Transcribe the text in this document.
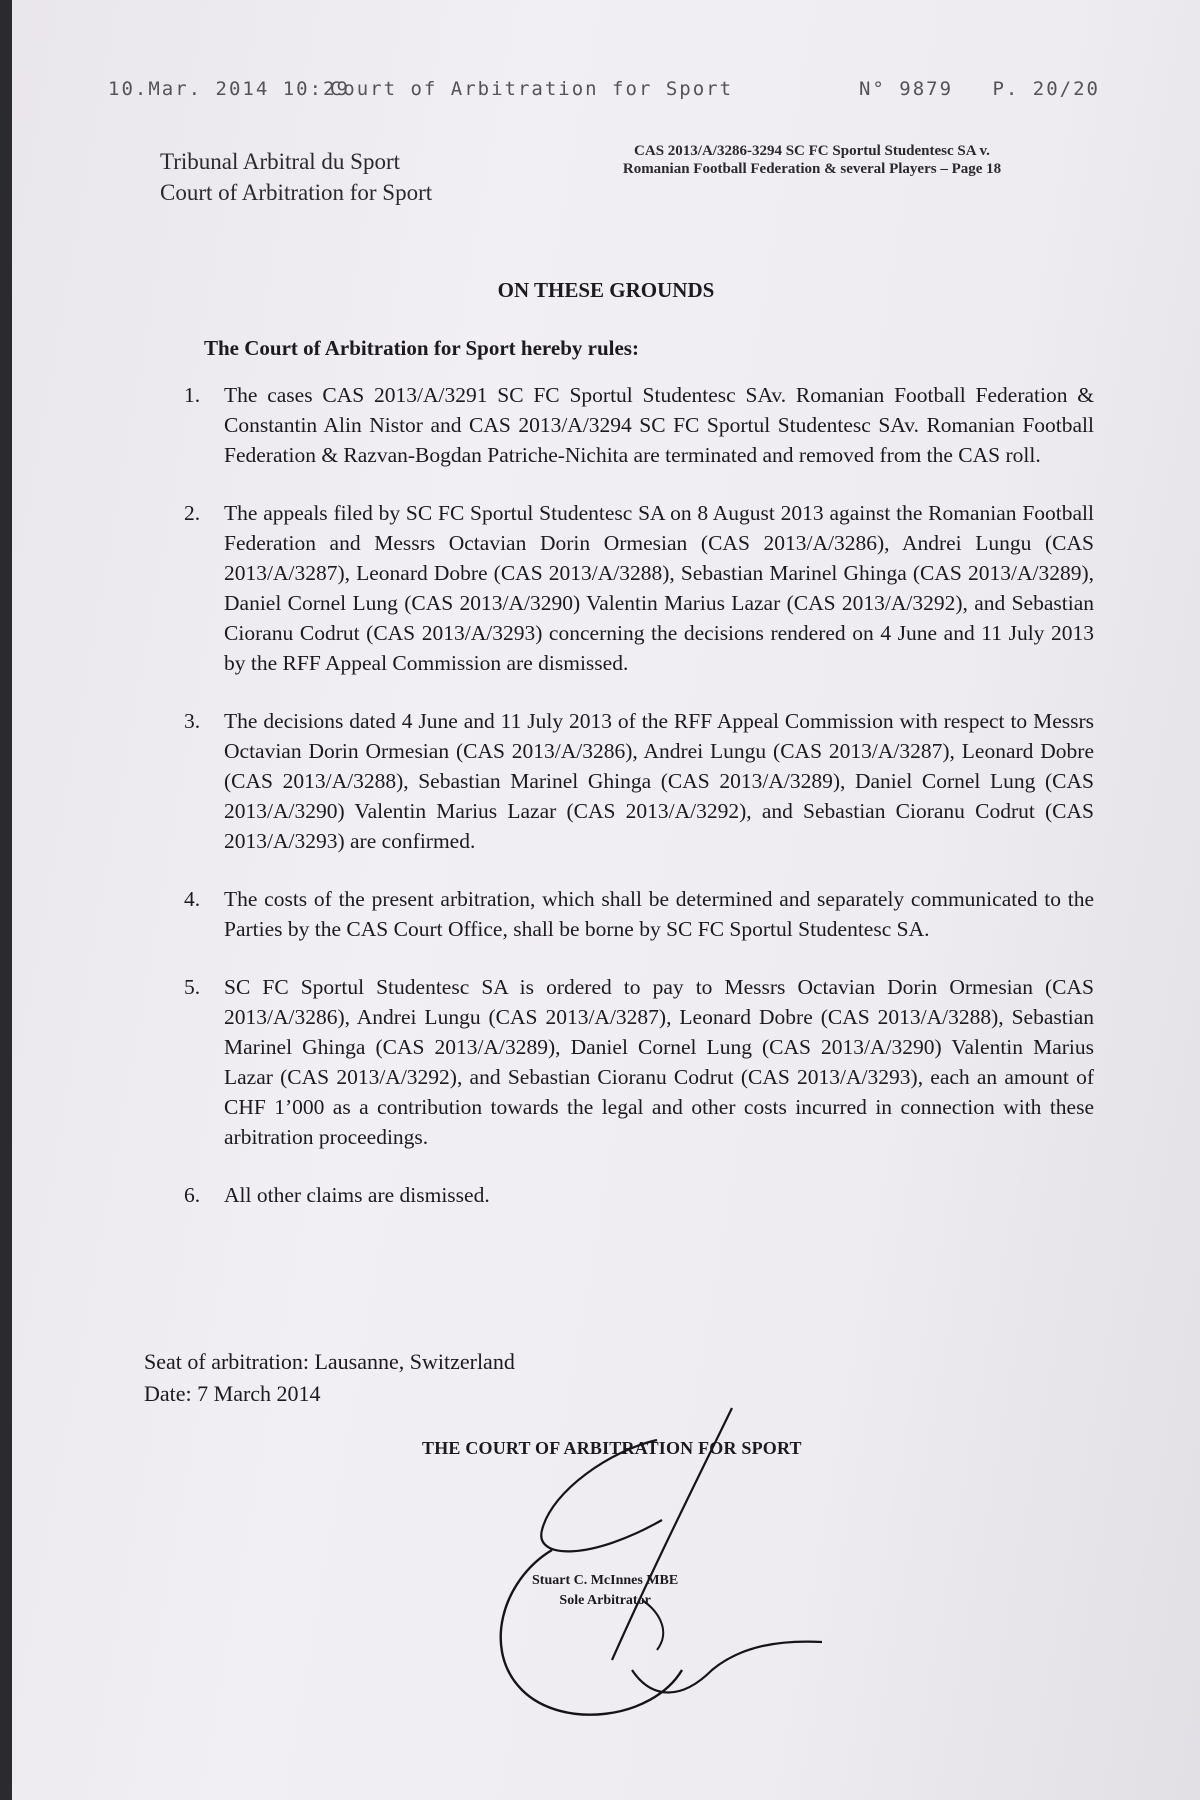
10.Mar. 2014 10:29
Court of Arbitration for Sport	N° 9879 P. 20/20
Tribunal Arbitral du Sport
Court of Arbitration for Sport
CAS 2013/A/3286-3294 SC FC Sportul Studentesc SA v.
Romanian Football Federation & several Players – Page 18
ON THESE GROUNDS
The Court of Arbitration for Sport hereby rules:
1.	The cases CAS 2013/A/3291 SC FC Sportul Studentesc SAv. Romanian Football Federation & Constantin Alin Nistor and CAS 2013/A/3294 SC FC Sportul Studentesc SAv. Romanian Football Federation & Razvan-Bogdan Patriche-Nichita are terminated and removed from the CAS roll.
2.	The appeals filed by SC FC Sportul Studentesc SA on 8 August 2013 against the Romanian Football Federation and Messrs Octavian Dorin Ormesian (CAS 2013/A/3286), Andrei Lungu (CAS 2013/A/3287), Leonard Dobre (CAS 2013/A/3288), Sebastian Marinel Ghinga (CAS 2013/A/3289), Daniel Cornel Lung (CAS 2013/A/3290) Valentin Marius Lazar (CAS 2013/A/3292), and Sebastian Cioranu Codrut (CAS 2013/A/3293) concerning the decisions rendered on 4 June and 11 July 2013 by the RFF Appeal Commission are dismissed.
3.	The decisions dated 4 June and 11 July 2013 of the RFF Appeal Commission with respect to Messrs Octavian Dorin Ormesian (CAS 2013/A/3286), Andrei Lungu (CAS 2013/A/3287), Leonard Dobre (CAS 2013/A/3288), Sebastian Marinel Ghinga (CAS 2013/A/3289), Daniel Cornel Lung (CAS 2013/A/3290) Valentin Marius Lazar (CAS 2013/A/3292), and Sebastian Cioranu Codrut (CAS 2013/A/3293) are confirmed.
4.	The costs of the present arbitration, which shall be determined and separately communicated to the Parties by the CAS Court Office, shall be borne by SC FC Sportul Studentesc SA.
5.	SC FC Sportul Studentesc SA is ordered to pay to Messrs Octavian Dorin Ormesian (CAS 2013/A/3286), Andrei Lungu (CAS 2013/A/3287), Leonard Dobre (CAS 2013/A/3288), Sebastian Marinel Ghinga (CAS 2013/A/3289), Daniel Cornel Lung (CAS 2013/A/3290) Valentin Marius Lazar (CAS 2013/A/3292), and Sebastian Cioranu Codrut (CAS 2013/A/3293), each an amount of CHF 1’000 as a contribution towards the legal and other costs incurred in connection with these arbitration proceedings.
6.	All other claims are dismissed.
Seat of arbitration: Lausanne, Switzerland
Date: 7 March 2014
THE COURT OF ARBITRATION FOR SPORT
Stuart C. McInnes MBE
Sole Arbitrator
